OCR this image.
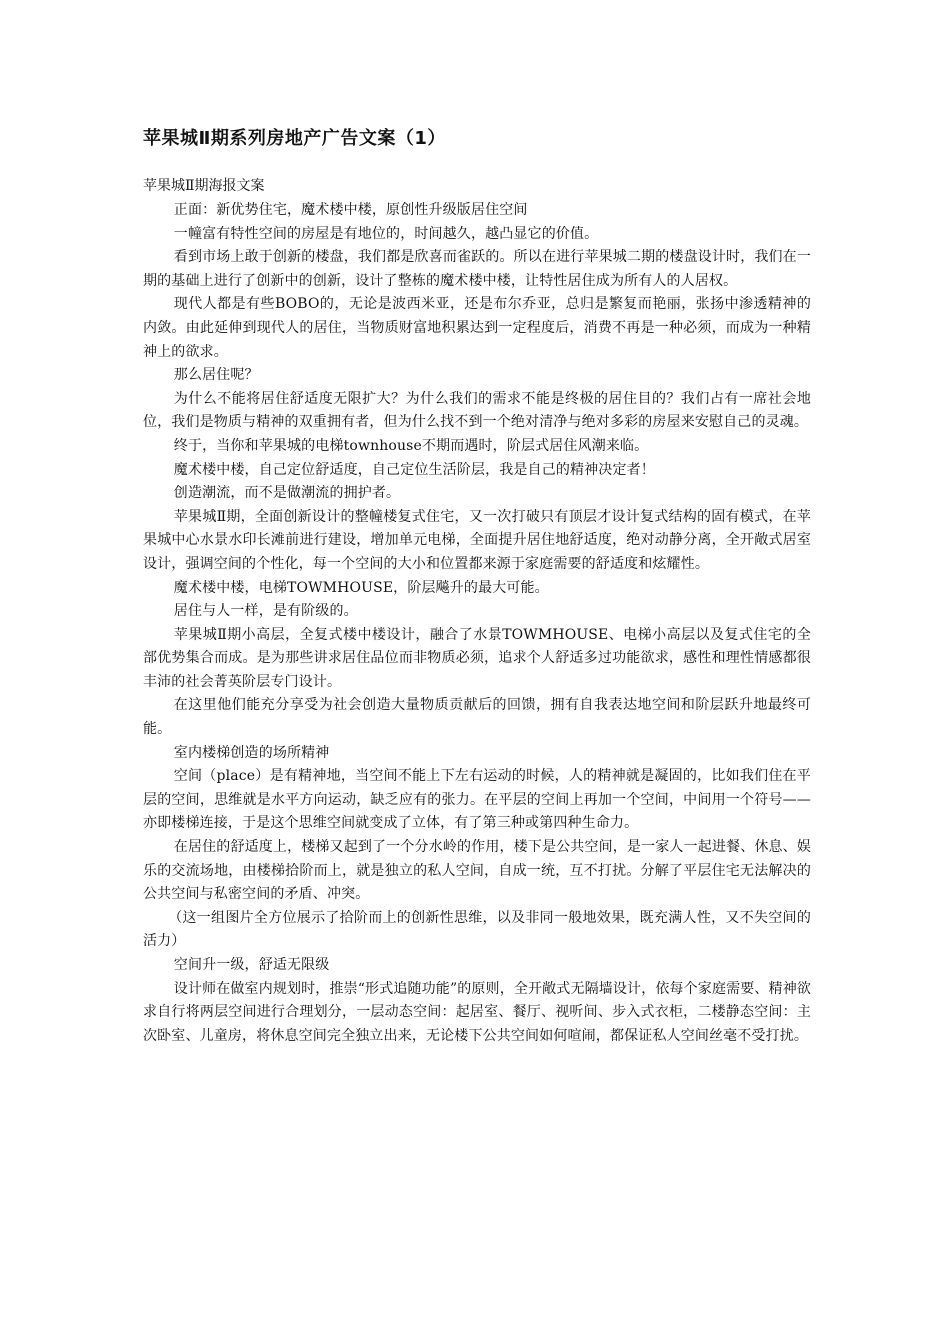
苹果城Ⅱ期系列房地产广告文案（1）
苹果城Ⅱ期海报文案

正面：新优势住宅，魔术楼中楼，原创性升级版居住空间

一幢富有特性空间的房屋是有地位的，时间越久，越凸显它的价值。

看到市场上敢于创新的楼盘，我们都是欣喜而雀跃的。所以在进行苹果城二期的楼盘设计时，我们在一期的基础上进行了创新中的创新，设计了整栋的魔术楼中楼，让特性居住成为所有人的人居权。

现代人都是有些BOBO的，无论是波西米亚，还是布尔乔亚，总归是繁复而艳丽，张扬中渗透精神的内敛。由此延伸到现代人的居住，当物质财富地积累达到一定程度后，消费不再是一种必须，而成为一种精神上的欲求。

那么居住呢？

为什么不能将居住舒适度无限扩大？为什么我们的需求不能是终极的居住目的？我们占有一席社会地位，我们是物质与精神的双重拥有者，但为什么找不到一个绝对清净与绝对多彩的房屋来安慰自己的灵魂。

终于，当你和苹果城的电梯townhouse不期而遇时，阶层式居住风潮来临。

魔术楼中楼，自己定位舒适度，自己定位生活阶层，我是自己的精神决定者！

创造潮流，而不是做潮流的拥护者。

苹果城Ⅱ期，全面创新设计的整幢楼复式住宅，又一次打破只有顶层才设计复式结构的固有模式，在苹果城中心水景水印长滩前进行建设，增加单元电梯，全面提升居住地舒适度，绝对动静分离，全开敞式居室设计，强调空间的个性化，每一个空间的大小和位置都来源于家庭需要的舒适度和炫耀性。

魔术楼中楼，电梯TOWMHOUSE，阶层飚升的最大可能。

居住与人一样，是有阶级的。

苹果城Ⅱ期小高层，全复式楼中楼设计，融合了水景TOWMHOUSE、电梯小高层以及复式住宅的全部优势集合而成。是为那些讲求居住品位而非物质必须，追求个人舒适多过功能欲求，感性和理性情感都很丰沛的社会菁英阶层专门设计。

在这里他们能充分享受为社会创造大量物质贡献后的回馈，拥有自我表达地空间和阶层跃升地最终可能。

室内楼梯创造的场所精神

空间（place）是有精神地，当空间不能上下左右运动的时候，人的精神就是凝固的，比如我们住在平层的空间，思维就是水平方向运动，缺乏应有的张力。在平层的空间上再加一个空间，中间用一个符号——亦即楼梯连接，于是这个思维空间就变成了立体，有了第三种或第四种生命力。

在居住的舒适度上，楼梯又起到了一个分水岭的作用，楼下是公共空间，是一家人一起进餐、休息、娱乐的交流场地，由楼梯拾阶而上，就是独立的私人空间，自成一统，互不打扰。分解了平层住宅无法解决的公共空间与私密空间的矛盾、冲突。

（这一组图片全方位展示了拾阶而上的创新性思维，以及非同一般地效果，既充满人性，又不失空间的活力）

空间升一级，舒适无限级

设计师在做室内规划时，推崇“形式追随功能”的原则，全开敞式无隔墙设计，依每个家庭需要、精神欲求自行将两层空间进行合理划分，一层动态空间：起居室、餐厅、视听间、步入式衣柜，二楼静态空间：主次卧室、儿童房，将休息空间完全独立出来，无论楼下公共空间如何喧闹，都保证私人空间丝毫不受打扰。
